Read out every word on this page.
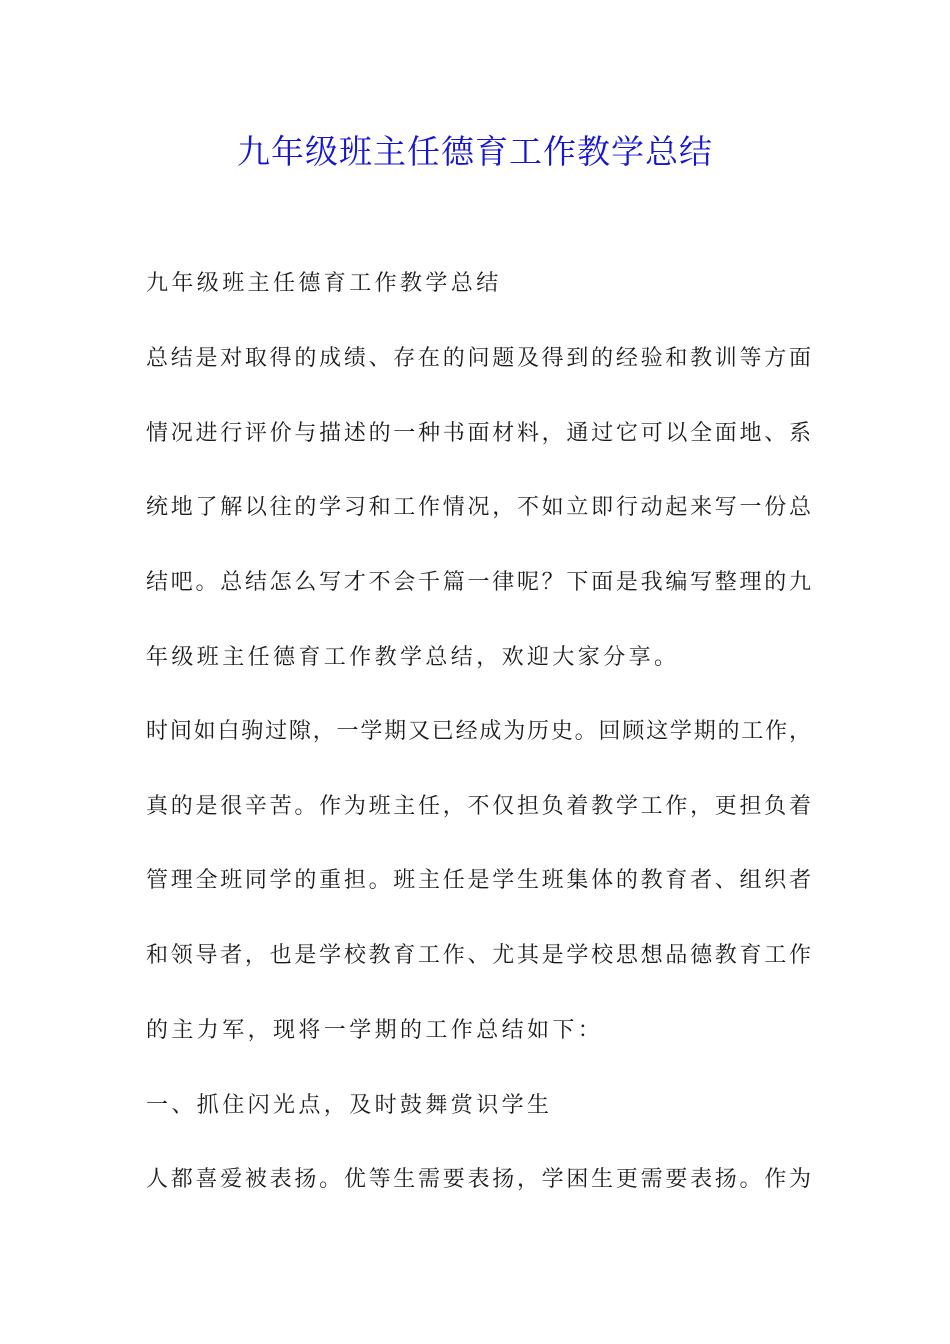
九年级班主任德育工作教学总结

九年级班主任德育工作教学总结

总结是对取得的成绩、存在的问题及得到的经验和教训等方面

情况进行评价与描述的一种书面材料，通过它可以全面地、系

统地了解以往的学习和工作情况，不如立即行动起来写一份总

结吧。总结怎么写才不会千篇一律呢？下面是我编写整理的九

年级班主任德育工作教学总结，欢迎大家分享。

时间如白驹过隙，一学期又已经成为历史。回顾这学期的工作，

真的是很辛苦。作为班主任，不仅担负着教学工作，更担负着

管理全班同学的重担。班主任是学生班集体的教育者、组织者

和领导者，也是学校教育工作、尤其是学校思想品德教育工作

的主力军，现将一学期的工作总结如下：

一、抓住闪光点，及时鼓舞赏识学生

人都喜爱被表扬。优等生需要表扬，学困生更需要表扬。作为
